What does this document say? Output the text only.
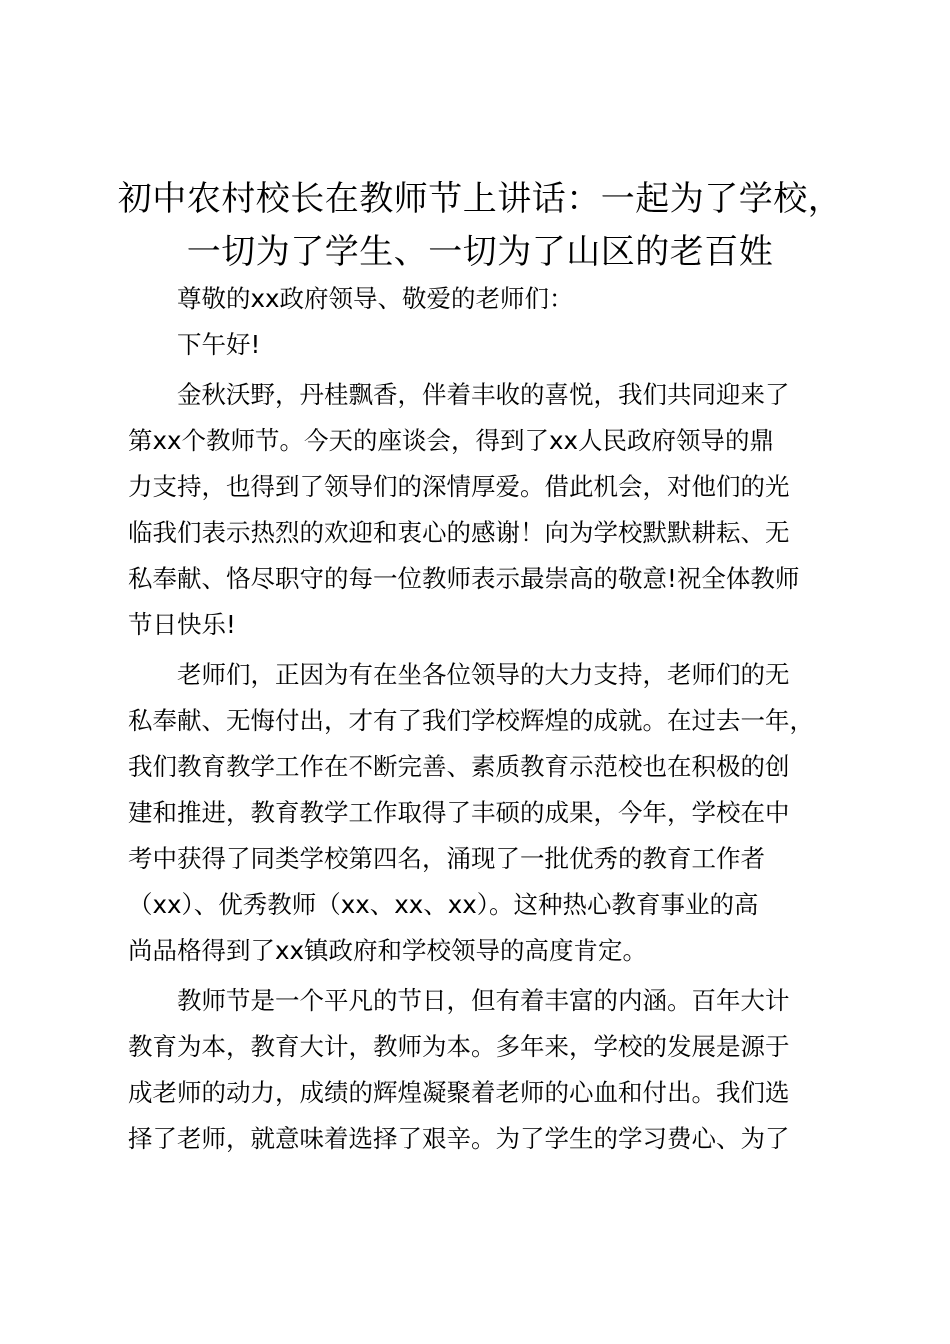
初中农村校长在教师节上讲话：一起为了学校，
一切为了学生、一切为了山区的老百姓
尊敬的xx政府领导、敬爱的老师们：
下午好!
金秋沃野，丹桂飘香，伴着丰收的喜悦，我们共同迎来了
第xx个教师节。今天的座谈会，得到了xx人民政府领导的鼎
力支持，也得到了领导们的深情厚爱。借此机会，对他们的光
临我们表示热烈的欢迎和衷心的感谢！向为学校默默耕耘、无
私奉献、恪尽职守的每一位教师表示最崇高的敬意!祝全体教师
节日快乐!
老师们，正因为有在坐各位领导的大力支持，老师们的无
私奉献、无悔付出，才有了我们学校辉煌的成就。在过去一年，
我们教育教学工作在不断完善、素质教育示范校也在积极的创
建和推进，教育教学工作取得了丰硕的成果，今年，学校在中
考中获得了同类学校第四名，涌现了一批优秀的教育工作者
（xx）、优秀教师（xx、xx、xx）。这种热心教育事业的高
尚品格得到了xx镇政府和学校领导的高度肯定。
教师节是一个平凡的节日，但有着丰富的内涵。百年大计
教育为本，教育大计，教师为本。多年来，学校的发展是源于
成老师的动力，成绩的辉煌凝聚着老师的心血和付出。我们选
择了老师，就意味着选择了艰辛。为了学生的学习费心、为了
